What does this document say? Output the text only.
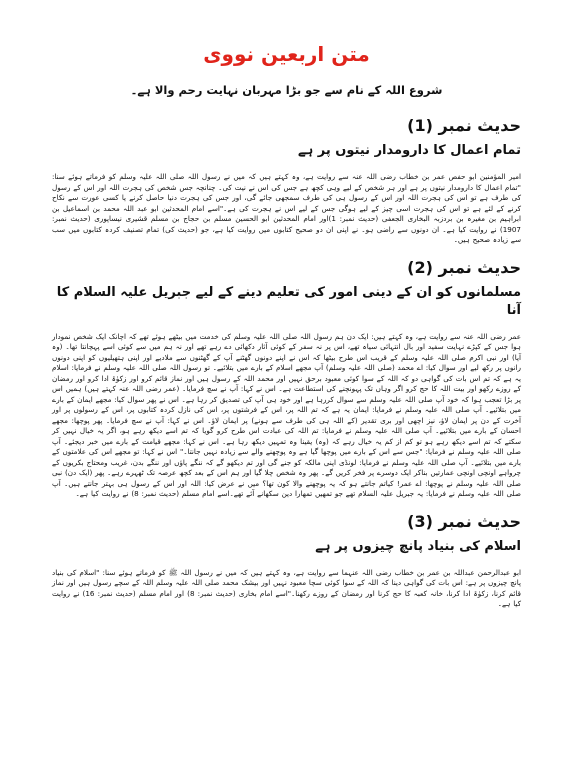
متن اربعین نووی
شروع اللہ کے نام سے جو بڑا مہربان نہایت رحم والا ہے۔
حدیث نمبر (1)
تمام اعمال کا دارومدار نیتوں پر ہے

امیر المؤمنین ابو حفص عمر بن خطاب رضی اللہ عنہ سے روایت ہے، وہ کہتے ہیں کہ میں نے رسول اللہ صلی اللہ علیہ وسلم کو فرماتے ہوئے سنا: "تمام اعمال کا دارومدار نیتوں پر ہے اور ہر شخص کے لیے وہی کچھ ہے جس کی اس نے نیت کی۔ چنانچہ جس شخص کی ہجرت اللہ اور اس کے رسول کی طرف ہے تو اس کی ہجرت اللہ اور اس کے رسول ہی کی طرف سمجھی جائے گی، اور جس کی ہجرت دنیا حاصل کرنے یا کسی عورت سے نکاح کرنے کے لئے ہے تو اس کی ہجرت اسی چیز کے لیے ہوگی جس کے لیے اس نے ہجرت کی ہے۔"اسے امام المحدثین ابو عبد اللہ محمد بن اسماعیل بن ابراہیم بن مغیرہ بن بردزبہ البخاری الجعفی (حدیث نمبر: 1)اور امام المحدثین ابو الحسین مسلم بن حجاج بن مسلم قشیری نیساپوری (حدیث نمبر: 1907) نے روایت کیا ہے۔ ان دونوں سے راضی ہو۔ نے اپنی ان دو صحیح کتابوں میں روایت کیا ہے، جو (حدیث کی) تمام تصنیف کردہ کتابوں میں سب سے زیادہ صحیح ہیں۔

حدیث نمبر (2)
مسلمانوں کو ان کے دینی امور کی تعلیم دینے کے لیے جبریل علیہ السلام کا آنا

عمر رضی اللہ عنہ سے روایت ہے، وہ کہتے ہیں: ایک دن ہم رسول اللہ صلی اللہ علیہ وسلم کی خدمت میں بیٹھے ہوئے تھے کہ اچانک ایک شخص نمودار ہوا جس کے کپڑے نہایت سفید اور بال انتہائی سیاہ تھے، اس پر نہ سفر کے کوئی آثار دکھائی دے رہے تھے اور نہ ہم میں سے کوئی اسے پہچانتا تھا۔ (وہ آیا) اور نبی اکرم صلی اللہ علیہ وسلم کے قریب اس طرح بیٹھا کہ اس نے اپنے دونوں گھٹنے آپ کے گھٹنوں سے ملادیے اور اپنی ہتھیلیوں کو اپنی دونوں رانوں پر رکھ لیے اور سوال کیا: اے محمد (صلی اللہ علیہ وسلم) آپ مجھے اسلام کے بارے میں بتلائیے۔ تو رسول اللہ صلی اللہ علیہ وسلم نے فرمایا: اسلام یہ ہے کہ تم اس بات کی گواہی دو کہ اللہ کے سوا کوئی معبود برحق نہیں اور محمد اللہ کے رسول ہیں اور نماز قائم کرو اور زکوٰۃ ادا کرو اور رمضان کے روزے رکھو اور بیت اللہ کا حج کرو اگر وہاں تک پہونچنے کی استطاعت ہے۔ اس نے کہا: آپ نے سچ فرمایا۔ (عمر رضی اللہ عنہ کہتے ہیں) ہمیں اس پر بڑا تعجب ہوا کہ خود آپ صلی اللہ علیہ وسلم سے سوال کررہا ہے اور خود ہی آپ کی تصدیق کر رہا ہے۔ اس نے پھر سوال کیا: مجھے ایمان کے بارے میں بتلائیے۔ آپ صلی اللہ علیہ وسلم نے فرمایا: ایمان یہ ہے کہ تم اللہ پر، اس کے فرشتوں پر، اس کی نازل کردہ کتابوں پر، اس کے رسولوں پر اور آخرت کے دن پر ایمان لاؤ، نیز اچھی اور بری تقدیر (کے اللہ ہی کی طرف سے ہونے) پر ایمان لاؤ۔ اس نے کہا: آپ نے سچ فرمایا۔ پھر پوچھا: مجھے احسان کے بارے میں بتلائیے۔ آپ صلی اللہ علیہ وسلم نے فرمایا: تم اللہ کی عبادت اس طرح کرو گویا کہ تم اسے دیکھ رہے ہو، اگر یہ خیال نہیں کر سکتے کہ تم اسے دیکھ رہے ہو تو کم از کم یہ خیال رہے کہ (وہ) یقینا وہ تمہیں دیکھ رہا ہے۔ اس نے کہا: مجھے قیامت کے بارے میں خبر دیجئے۔ آپ صلی اللہ علیہ وسلم نے فرمایا: "جس سے اس کے بارے میں پوچھا گیا ہے وہ پوچھنے والے سے زیادہ نہیں جانتا۔" اس نے کہا: تو مجھے اس کی علامتوں کے بارے میں بتلائیے۔ آپ صلی اللہ علیہ وسلم نے فرمایا: لونڈی اپنی مالکہ کو جنے گی اور تم دیکھو گے کہ ننگے پاؤں اور ننگے بدن، غریب ومحتاج بکریوں کے چرواہے اونچی اونچی عمارتیں بناکر ایک دوسرے پر فخر کریں گے۔ پھر وہ شخص چلا گیا اور ہم اس کے بعد کچھ عرصہ تک ٹھہرے رہے۔ پھر (ایک دن) نبی صلی اللہ علیہ وسلم نے پوچھا: اے عمر! کیاتم جانتے ہو کہ یہ پوچھنے والا کون تھا؟ میں نے عرض کیا: اللہ اور اس کے رسول ہی بہتر جانتے ہیں۔ آپ صلی اللہ علیہ وسلم نے فرمایا: یہ جبریل علیہ السلام تھے جو تمھیں تمھارا دین سکھانے آئے تھے۔اسے امام مسلم (حدیث نمبر: 8) نے روایت کیا ہے۔

حدیث نمبر (3)
اسلام کی بنیاد پانچ چیزوں پر ہے

ابو عبدالرحمن عبداللہ بن عمر بن خطاب رضی اللہ عنہما سے روایت ہے، وہ کہتے ہیں کہ میں نے رسول اللہ ﷺ کو فرماتے ہوئے سنا: "اسلام کی بنیاد پانچ چیزوں پر ہے: اس بات کی گواہی دینا کہ اللہ کے سوا کوئی سچا معبود نہیں اور بیشک محمد صلی اللہ علیہ وسلم اللہ کے سچے رسول ہیں اور نماز قائم کرنا، زکوٰۃ ادا کرنا، خانہ کعبہ کا حج کرنا اور رمضان کے روزے رکھنا۔"اسے امام بخاری (حدیث نمبر: 8) اور امام مسلم (حدیث نمبر: 16) نے روایت کیا ہے۔
